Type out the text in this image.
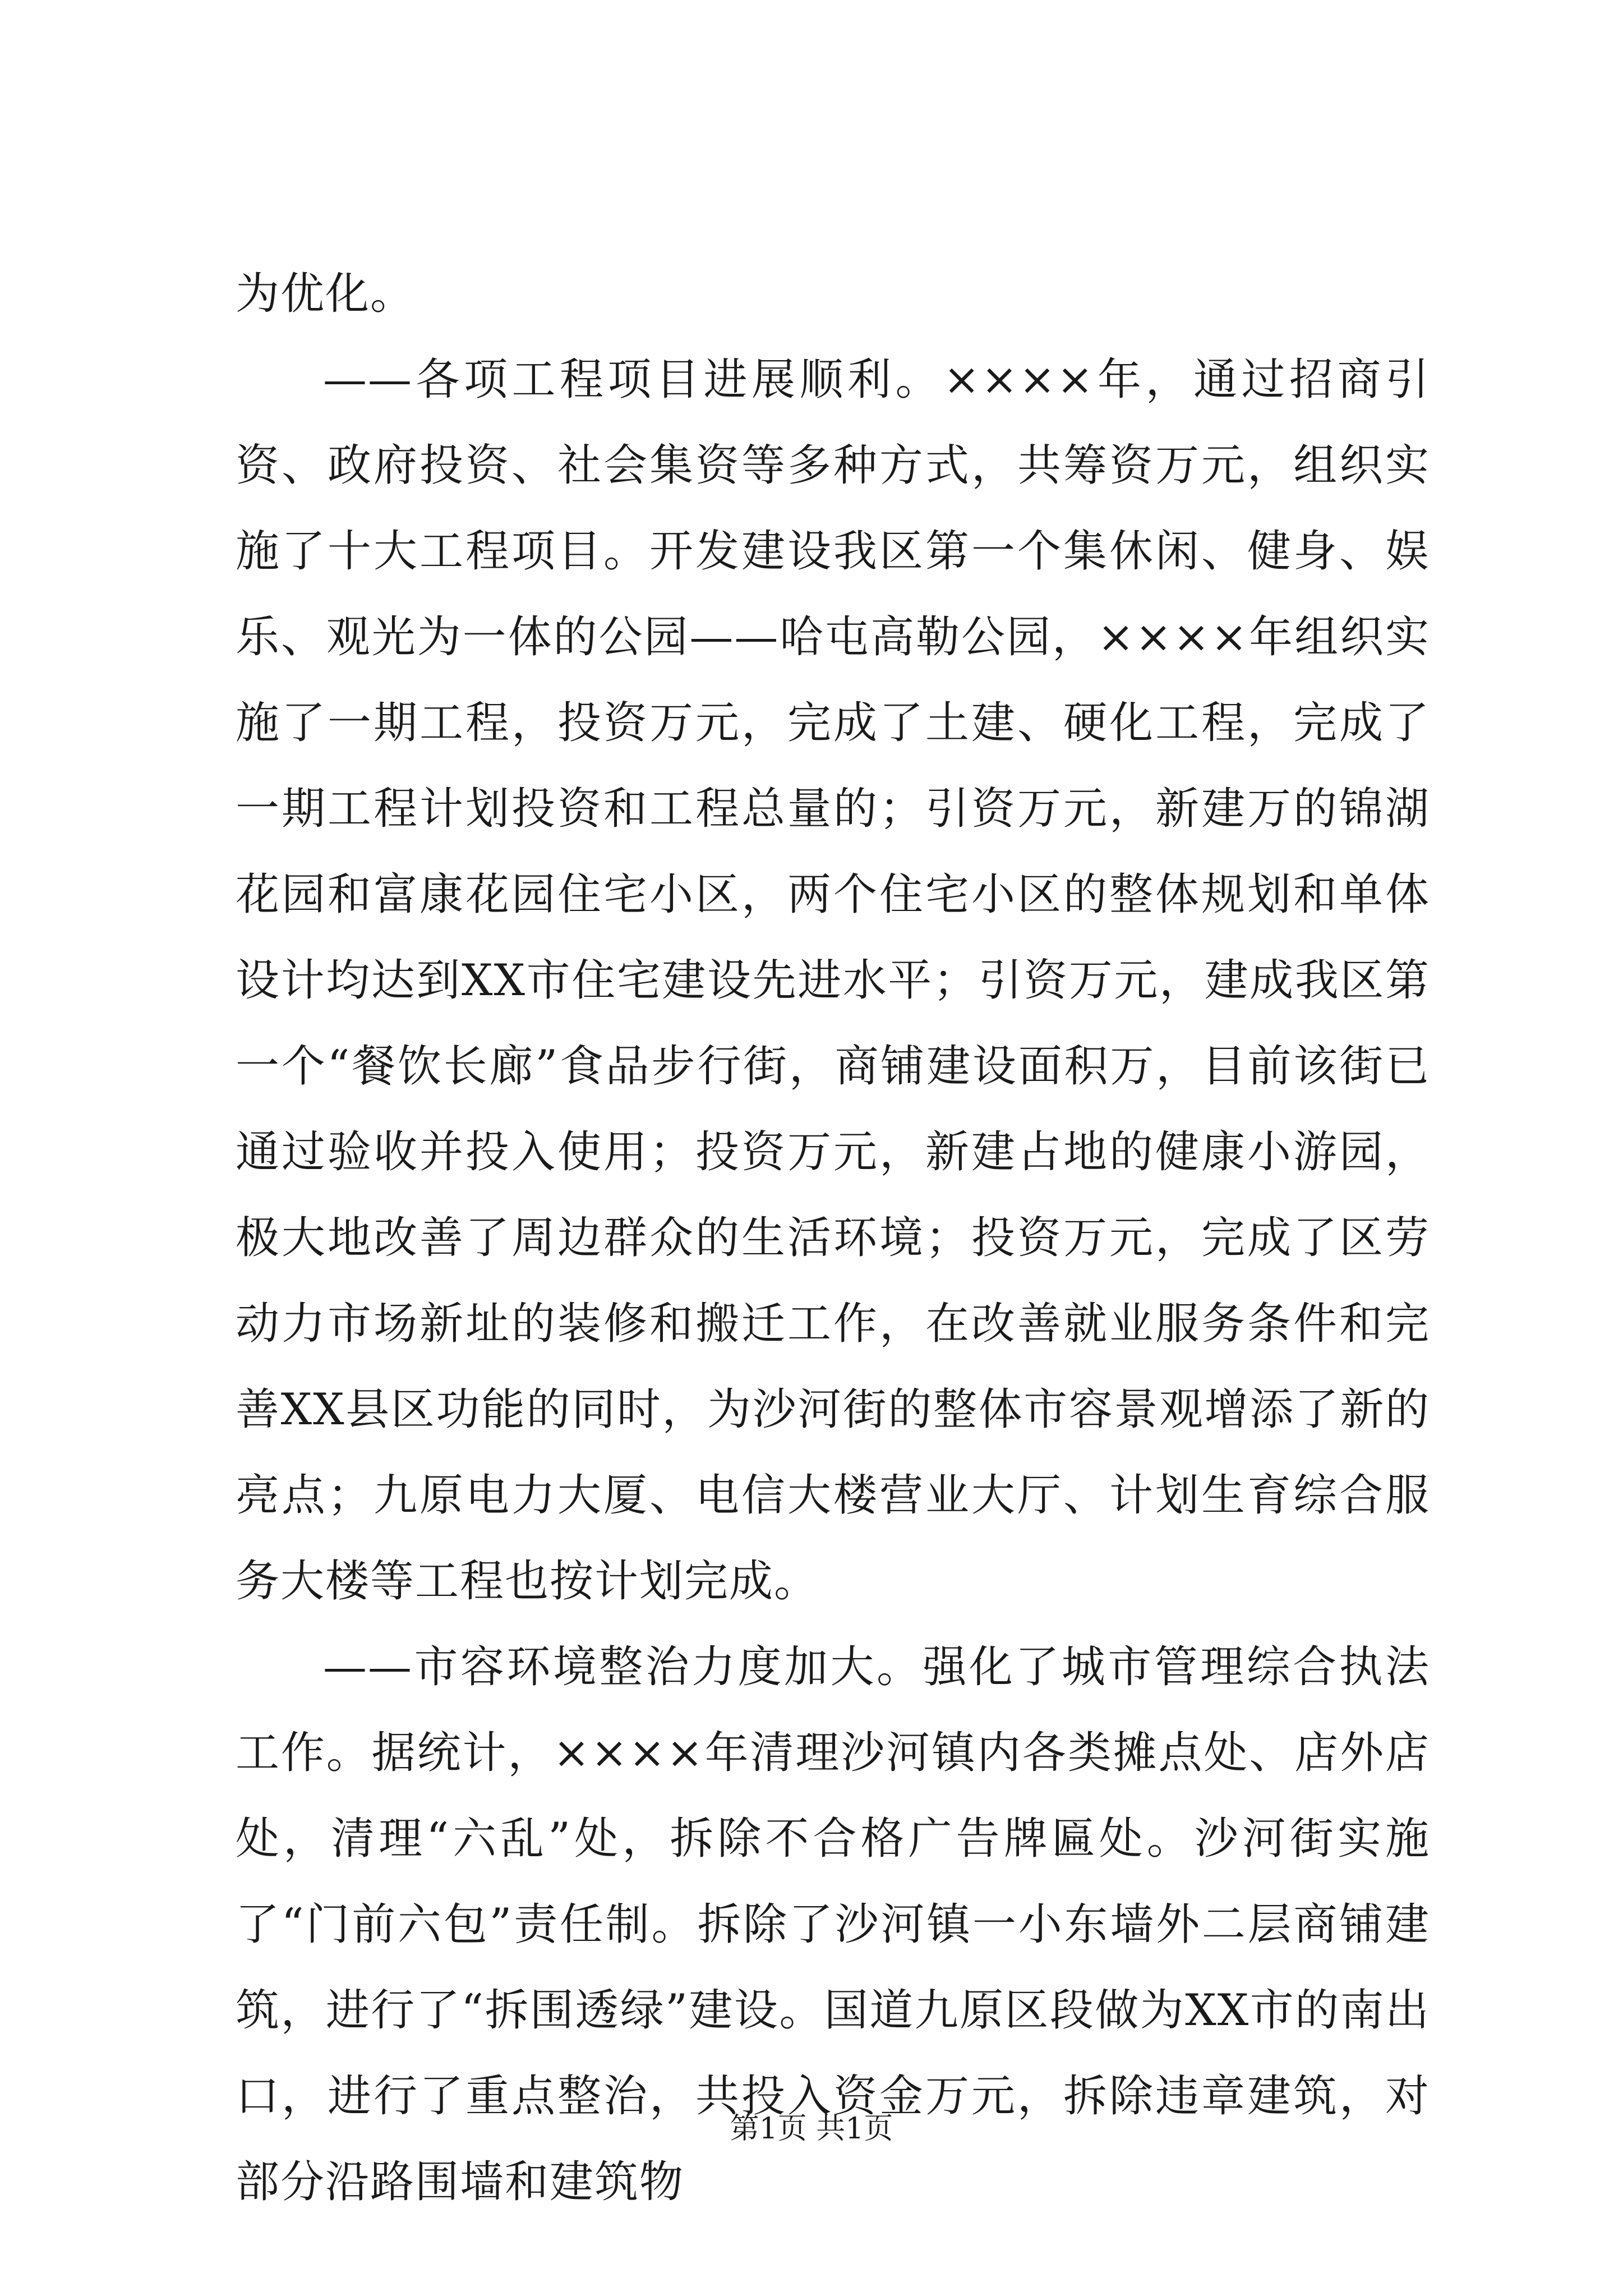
为优化。

——各项工程项目进展顺利。××××年，通过招商引资、政府投资、社会集资等多种方式，共筹资万元，组织实施了十大工程项目。开发建设我区第一个集休闲、健身、娱乐、观光为一体的公园——哈屯高勒公园，××××年组织实施了一期工程，投资万元，完成了土建、硬化工程，完成了一期工程计划投资和工程总量的；引资万元，新建万的锦湖花园和富康花园住宅小区，两个住宅小区的整体规划和单体设计均达到XX市住宅建设先进水平；引资万元，建成我区第一个“餐饮长廊”食品步行街，商铺建设面积万，目前该街已通过验收并投入使用；投资万元，新建占地的健康小游园，极大地改善了周边群众的生活环境；投资万元，完成了区劳动力市场新址的装修和搬迁工作，在改善就业服务条件和完善XX县区功能的同时，为沙河街的整体市容景观增添了新的亮点；九原电力大厦、电信大楼营业大厅、计划生育综合服务大楼等工程也按计划完成。

——市容环境整治力度加大。强化了城市管理综合执法工作。据统计，××××年清理沙河镇内各类摊点处、店外店处，清理“六乱”处，拆除不合格广告牌匾处。沙河街实施了“门前六包”责任制。拆除了沙河镇一小东墙外二层商铺建筑，进行了“拆围透绿”建设。国道九原区段做为XX市的南出口，进行了重点整治，共投入资金万元，拆除违章建筑，对部分沿路围墙和建筑物

第1页 共1页
